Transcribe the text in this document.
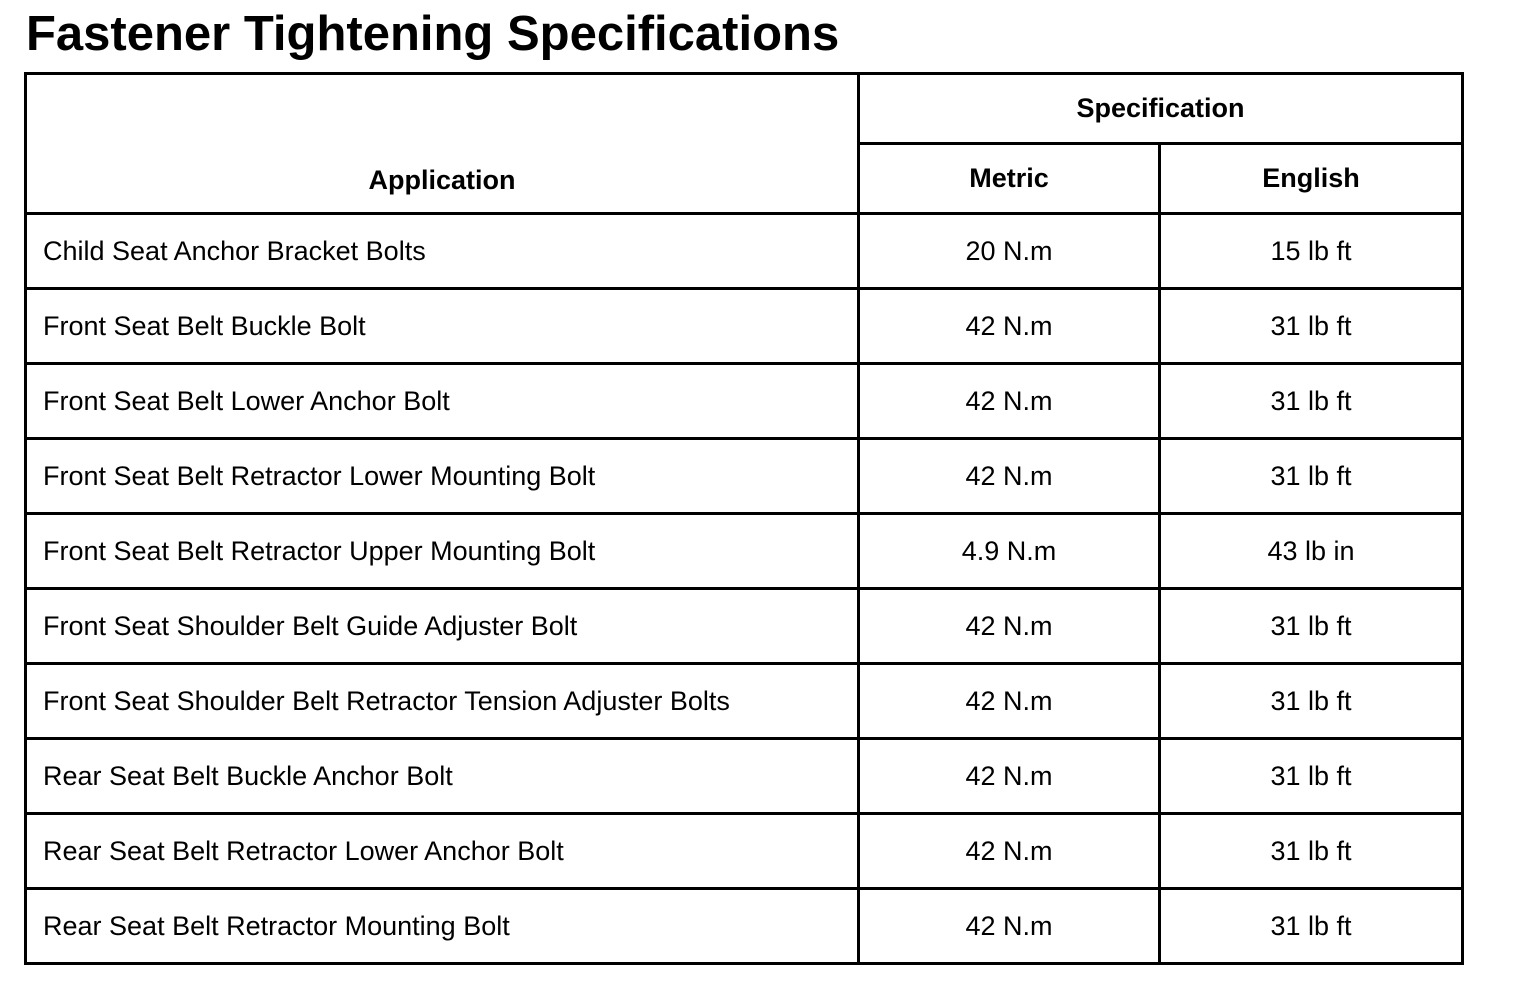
Fastener Tightening Specifications
Application	Specification	
	Metric	English
Child Seat Anchor Bracket Bolts	20 N.m	15 lb ft
Front Seat Belt Buckle Bolt	42 N.m	31 lb ft
Front Seat Belt Lower Anchor Bolt	42 N.m	31 lb ft
Front Seat Belt Retractor Lower Mounting Bolt	42 N.m	31 lb ft
Front Seat Belt Retractor Upper Mounting Bolt	4.9 N.m	43 lb in
Front Seat Shoulder Belt Guide Adjuster Bolt	42 N.m	31 lb ft
Front Seat Shoulder Belt Retractor Tension Adjuster Bolts	42 N.m	31 lb ft
Rear Seat Belt Buckle Anchor Bolt	42 N.m	31 lb ft
Rear Seat Belt Retractor Lower Anchor Bolt	42 N.m	31 lb ft
Rear Seat Belt Retractor Mounting Bolt	42 N.m	31 lb ft
